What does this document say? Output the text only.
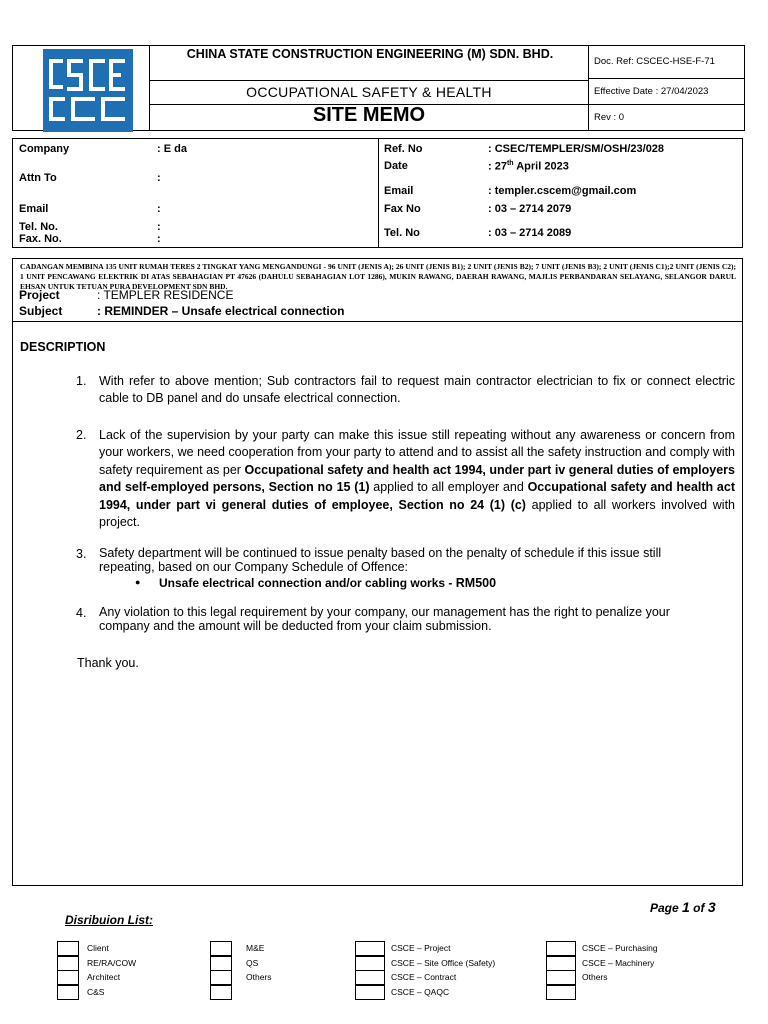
CHINA STATE CONSTRUCTION ENGINEERING (M) SDN. BHD.
OCCUPATIONAL SAFETY & HEALTH
SITE MEMO
Doc. Ref: CSCEC-HSE-F-71
Effective Date : 27/04/2023
Rev : 0
Company	: E da
Attn To	:
Email	:
Tel. No.	:
Fax. No.	:
Ref. No	: CSEC/TEMPLER/SM/OSH/23/028
Date	: 27th April 2023
Email	: templer.cscem@gmail.com
Fax No	: 03 – 2714 2079
Tel. No	: 03 – 2714 2089
CADANGAN MEMBINA 135 UNIT RUMAH TERES 2 TINGKAT YANG MENGANDUNGI - 96 UNIT (JENIS A); 26 UNIT (JENIS B1); 2 UNIT (JENIS B2); 7 UNIT (JENIS B3); 2 UNIT (JENIS C1);2 UNIT (JENIS C2); 1 UNIT PENCAWANG ELEKTRIK DI ATAS SEBAHAGIAN PT 47626 (DAHULU SEBAHAGIAN LOT 1286), MUKIN RAWANG, DAERAH RAWANG, MAJLIS PERBANDARAN SELAYANG, SELANGOR DARUL EHSAN UNTUK TETUAN PURA DEVELOPMENT SDN BHD.
Project	: TEMPLER RESIDENCE
Subject	: REMINDER – Unsafe electrical connection
DESCRIPTION
1. With refer to above mention; Sub contractors fail to request main contractor electrician to fix or connect electric cable to DB panel and do unsafe electrical connection.
2. Lack of the supervision by your party can make this issue still repeating without any awareness or concern from your workers, we need cooperation from your party to attend and to assist all the safety instruction and comply with safety requirement as per Occupational safety and health act 1994, under part iv general duties of employers and self-employed persons, Section no 15 (1) applied to all employer and Occupational safety and health act 1994, under part vi general duties of employee, Section no 24 (1) (c) applied to all workers involved with project.
3. Safety department will be continued to issue penalty based on the penalty of schedule if this issue still repeating, based on our Company Schedule of Offence:
● Unsafe electrical connection and/or cabling works - RM500
4. Any violation to this legal requirement by your company, our management has the right to penalize your company and the amount will be deducted from your claim submission.
Thank you.
Page 1 of 3
Disribuion List:
Client
RE/RA/COW
Architect
C&S
M&E
QS
Others
CSCE – Project
CSCE – Site Office (Safety)
CSCE – Contract
CSCE – QAQC
CSCE – Purchasing
CSCE – Machinery
Others
